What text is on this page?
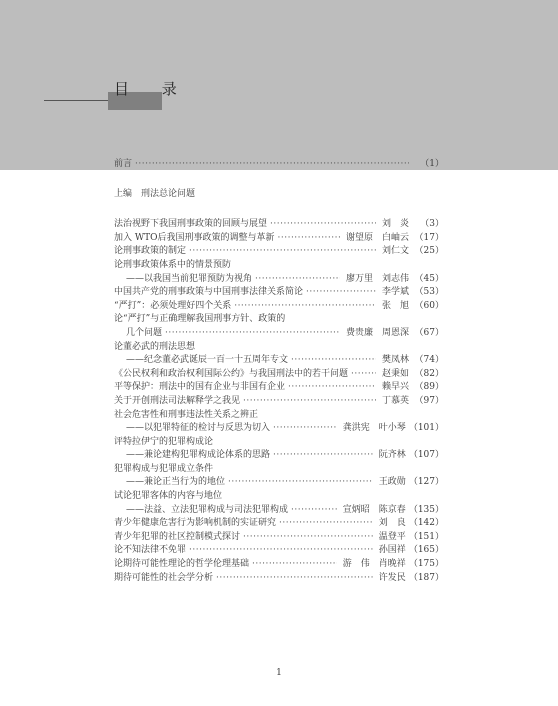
目 录
前言 ·····	（1）
上编　刑法总论问题
法治视野下我国刑事政策的回顾与展望 ·····	刘　炎	（3）
加入 WTO后我国刑事政策的调整与革新 ·····	谢望原　白岫云 （17）
论刑事政策的制定 ·····	刘仁文 （25）
论刑事政策体系中的情景预防
——以我国当前犯罪预防为视角 ·····	廖万里　刘志伟 （45）
中国共产党的刑事政策与中国刑事法律关系简论 ·····	李学斌 （53）
“严打”：必须处理好四个关系 ·····	张　旭 （60）
论“严打”与正确理解我国刑事方针、政策的
几个问题 ·····	费贵廉　周恩深 （67）
论董必武的刑法思想
——纪念董必武诞辰一百一十五周年专文 ·····	樊凤林 （74）
《公民权利和政治权利国际公约》与我国刑法中的若干问题 ·····	赵秉如 （82）
平等保护：刑法中的国有企业与非国有企业 ·····	赖早兴 （89）
关于开创刑法司法解释学之我见 ·····	丁慕英 （97）
社会危害性和刑事违法性关系之辨正
——以犯罪特征的检讨与反思为切入 ·····	龚洪宪　叶小琴 （101）
评特拉伊宁的犯罪构成论
——兼论建构犯罪构成论体系的思路 ·····	阮齐林 （107）
犯罪构成与犯罪成立条件
——兼论正当行为的地位 ·····	王政勋 （127）
试论犯罪客体的内容与地位
——法益、立法犯罪构成与司法犯罪构成 ·····	宣炳昭　陈京春 （135）
青少年健康危害行为影响机制的实证研究 ·····	刘　良 （142）
青少年犯罪的社区控制模式探讨 ·····	温登平 （151）
论不知法律不免罪 ·····	孙国祥 （165）
论期待可能性理论的哲学伦理基础 ·····	游　伟　肖晚祥 （175）
期待可能性的社会学分析 ·····	许发民 （187）
1
